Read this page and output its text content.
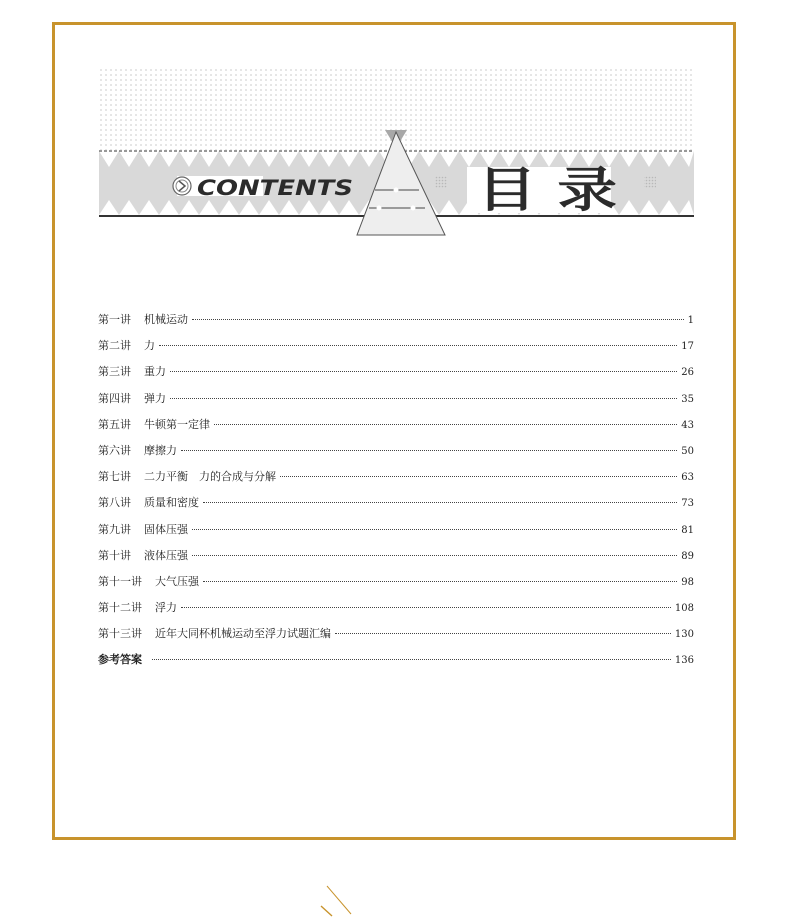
CONTENTS	目 录
第一讲 机械运动	1
第二讲 力	17
第三讲 重力	26
第四讲 弹力	35
第五讲 牛顿第一定律	43
第六讲 摩擦力	50
第七讲 二力平衡　力的合成与分解	63
第八讲 质量和密度	73
第九讲 固体压强	81
第十讲 液体压强	89
第十一讲 大气压强	98
第十二讲 浮力	108
第十三讲 近年大同杯机械运动至浮力试题汇编	130
参考答案	136
